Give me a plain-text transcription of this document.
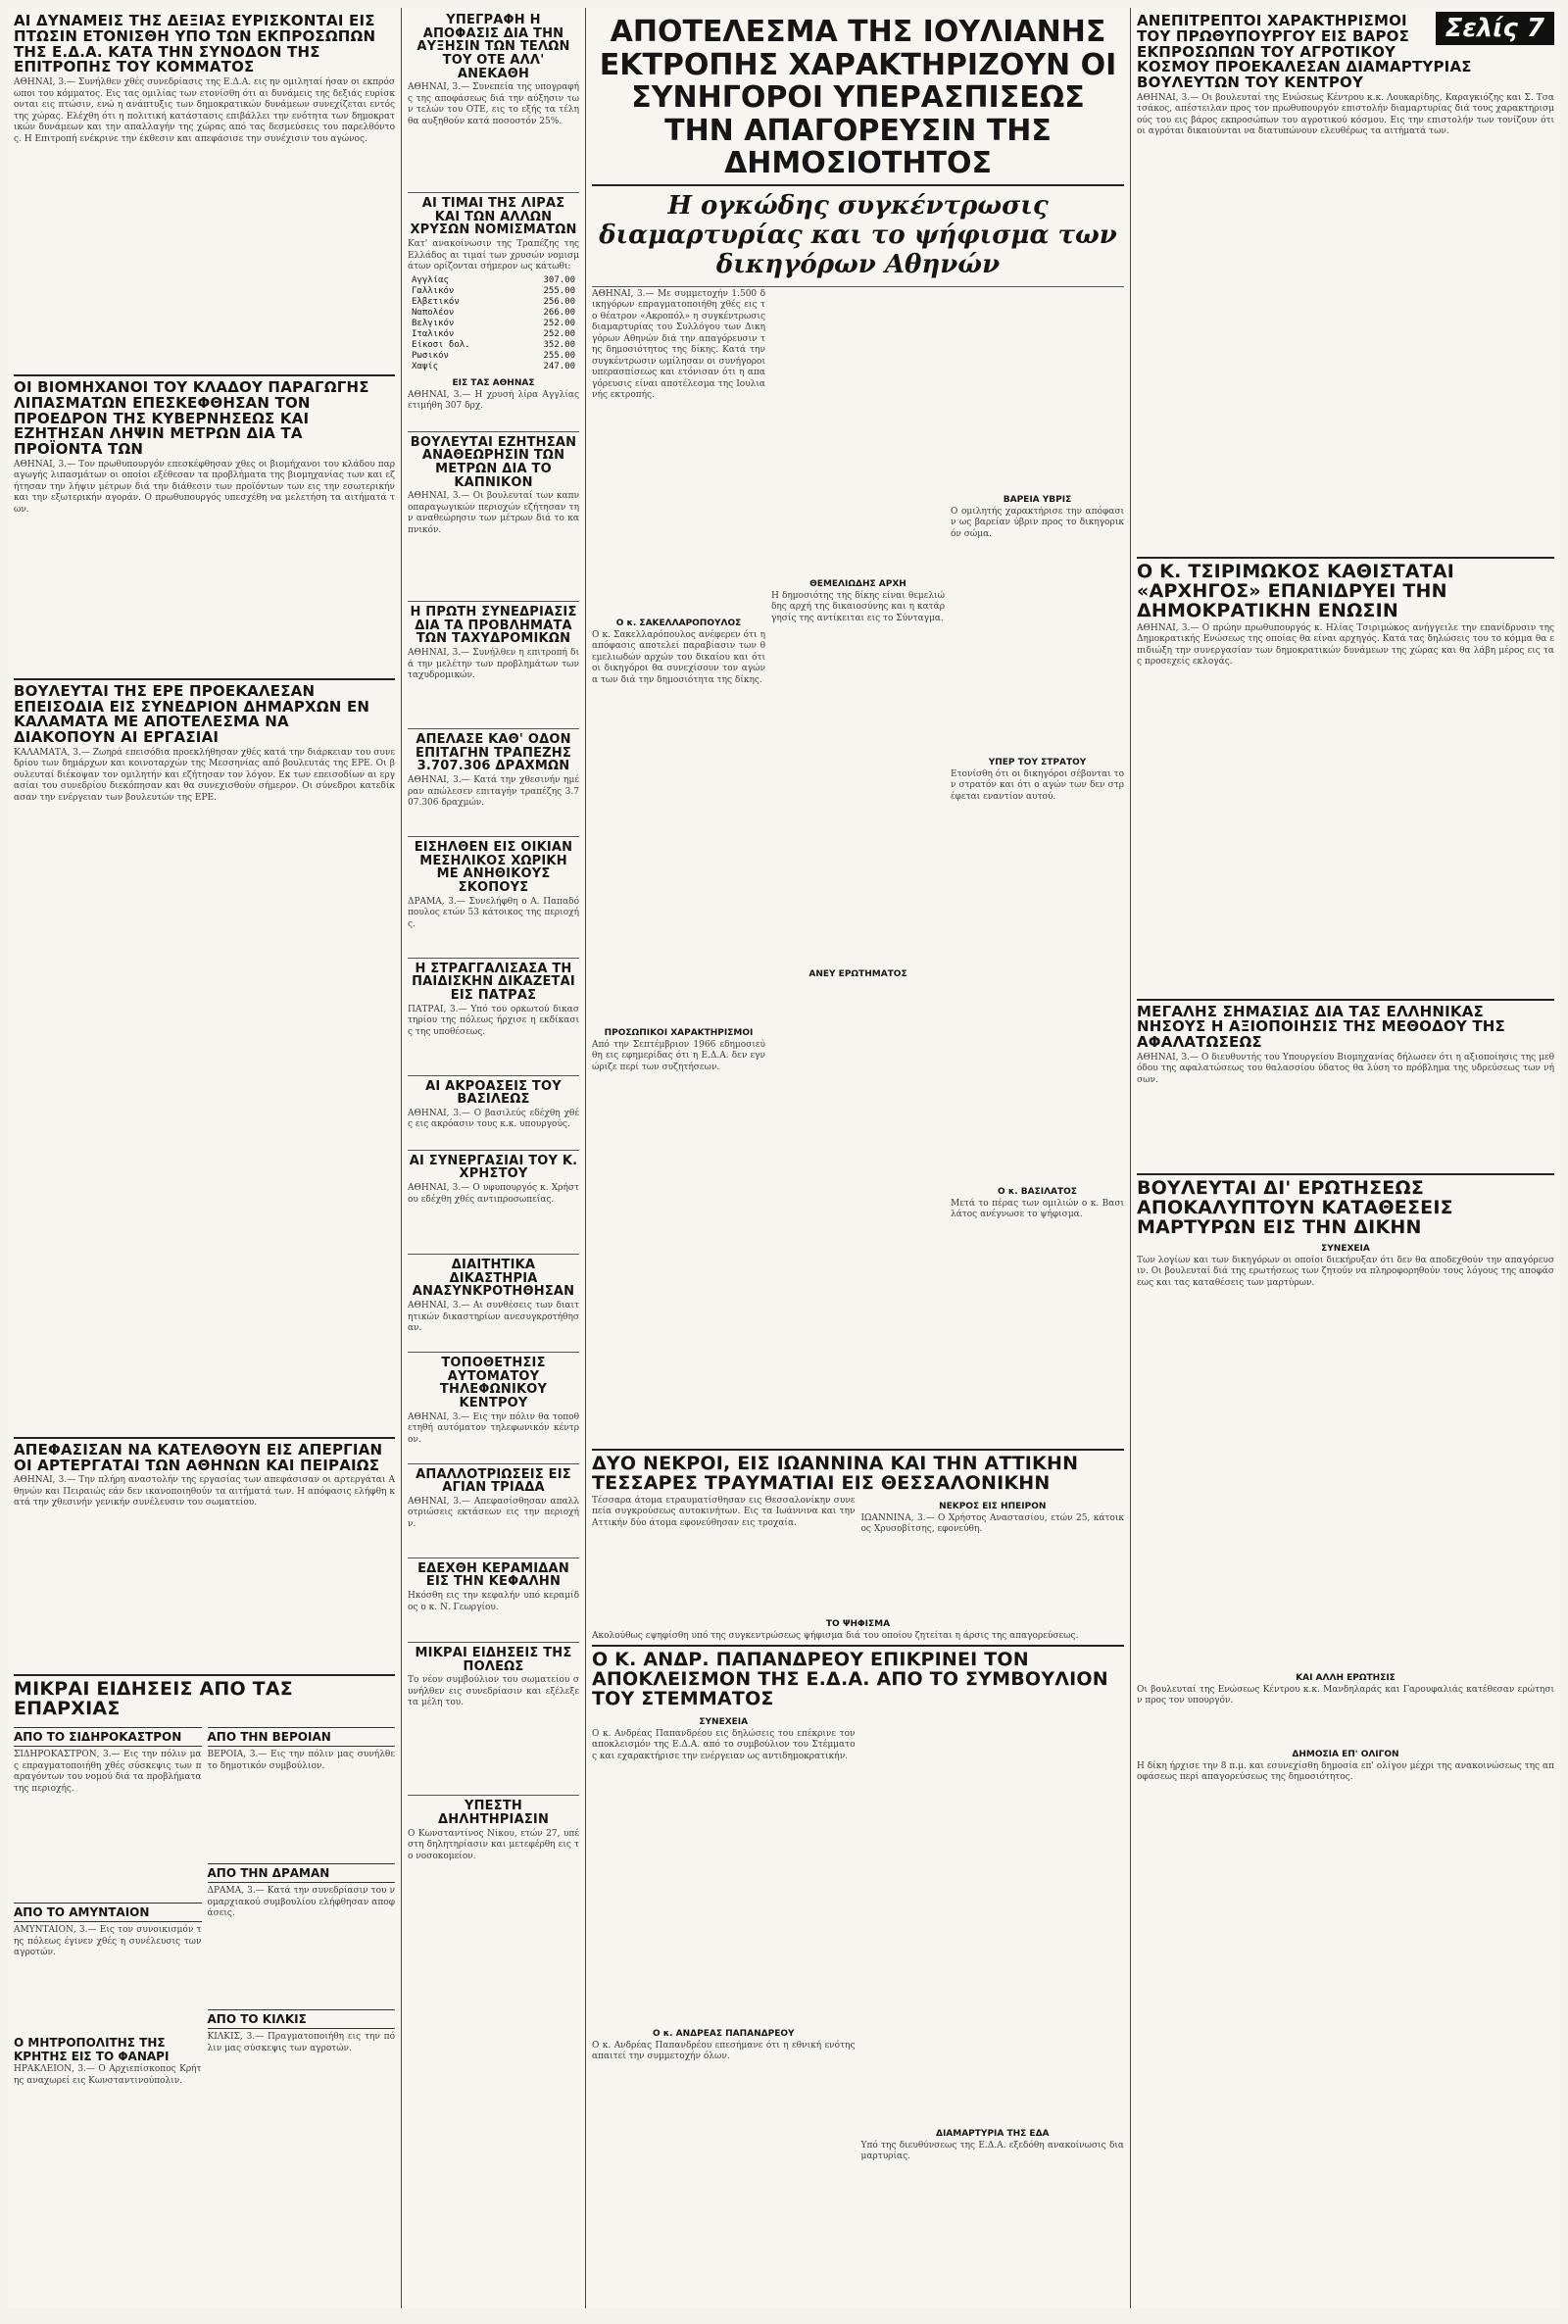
ΑΙ ΔΥΝΑΜΕΙΣ ΤΗΣ ΔΕΞΙΑΣ ΕΥΡΙΣΚΟΝΤΑΙ ΕΙΣ ΠΤΩΣΙΝ ΕΤΟΝΙΣΘΗ ΥΠΟ ΤΩΝ ΕΚΠΡΟΣΩΠΩΝ ΤΗΣ Ε.Δ.Α. ΚΑΤΑ ΤΗΝ ΣΥΝΟΔΟΝ ΤΗΣ ΕΠΙΤΡΟΠΗΣ ΤΟΥ ΚΟΜΜΑΤΟΣ
ΑΘΗΝΑΙ, 3.— Συνήλθεν χθές συνεδρίασις της Ε.Δ.Α. εις ην ομιληταί ήσαν οι εκπρόσωποι του κόμματος. Εις τας ομιλίας των ετονίσθη ότι αι δυνάμεις της δεξιάς ευρίσκονται εις πτώσιν, ενώ η ανάπτυξις των δημοκρατικών δυνάμεων συνεχίζεται εντός της χώρας. Ελέχθη ότι η πολιτική κατάστασις επιβάλλει την ενότητα των δημοκρατικών δυνάμεων και την απαλλαγήν της χώρας από τας δεσμεύσεις του παρελθόντος. Η Επιτροπή ενέκρινε την έκθεσιν και απεφάσισε την συνέχισιν του αγώνος.
ΟΙ ΒΙΟΜΗΧΑΝΟΙ ΤΟΥ ΚΛΑΔΟΥ ΠΑΡΑΓΩΓΗΣ ΛΙΠΑΣΜΑΤΩΝ ΕΠΕΣΚΕΦΘΗΣΑΝ ΤΟΝ ΠΡΟΕΔΡΟΝ ΤΗΣ ΚΥΒΕΡΝΗΣΕΩΣ ΚΑΙ ΕΖΗΤΗΣΑΝ ΛΗΨΙΝ ΜΕΤΡΩΝ ΔΙΑ ΤΑ ΠΡΟΪΟΝΤΑ ΤΩΝ
ΑΘΗΝΑΙ, 3.— Τον πρωθυπουργόν επεσκέφθησαν χθες οι βιομήχανοι του κλάδου παραγωγής λιπασμάτων οι οποίοι εξέθεσαν τα προβλήματα της βιομηχανίας των και εζήτησαν την λήψιν μέτρων διά την διάθεσιν των προϊόντων των εις την εσωτερικήν και την εξωτερικήν αγοράν. Ο πρωθυπουργός υπεσχέθη να μελετήση τα αιτήματά των.
ΒΟΥΛΕΥΤΑΙ ΤΗΣ ΕΡΕ ΠΡΟΕΚΑΛΕΣΑΝ ΕΠΕΙΣΟΔΙΑ ΕΙΣ ΣΥΝΕΔΡΙΟΝ ΔΗΜΑΡΧΩΝ ΕΝ ΚΑΛΑΜΑΤΑ ΜΕ ΑΠΟΤΕΛΕΣΜΑ ΝΑ ΔΙΑΚΟΠΟΥΝ ΑΙ ΕΡΓΑΣΙΑΙ
ΚΑΛΑΜΑΤΑ, 3.— Ζωηρά επεισόδια προεκλήθησαν χθές κατά την διάρκειαν του συνεδρίου των δημάρχων και κοινοταρχών της Μεσσηνίας από βουλευτάς της ΕΡΕ. Οι βουλευταί διέκοψαν τον ομιλητήν και εζήτησαν τον λόγον. Εκ των επεισοδίων αι εργασίαι του συνεδρίου διεκόπησαν και θα συνεχισθούν σήμερον. Οι σύνεδροι κατεδίκασαν την ενέργειαν των βουλευτών της ΕΡΕ.
ΑΠΕΦΑΣΙΣΑΝ ΝΑ ΚΑΤΕΛΘΟΥΝ ΕΙΣ ΑΠΕΡΓΙΑΝ ΟΙ ΑΡΤΕΡΓΑΤΑΙ ΤΩΝ ΑΘΗΝΩΝ ΚΑΙ ΠΕΙΡΑΙΩΣ
ΑΘΗΝΑΙ, 3.— Την πλήρη αναστολήν της εργασίας των απεφάσισαν οι αρτεργάται Αθηνών και Πειραιώς εάν δεν ικανοποιηθούν τα αιτήματά των. Η απόφασις ελήφθη κατά την χθεσινήν γενικήν συνέλευσιν του σωματείου.
ΜΙΚΡΑΙ ΕΙΔΗΣΕΙΣ ΑΠΟ ΤΑΣ ΕΠΑΡΧΙΑΣ
ΑΠΟ ΤΟ ΣΙΔΗΡΟΚΑΣΤΡΟΝ
ΣΙΔΗΡΟΚΑΣΤΡΟΝ, 3.— Εις την πόλιν μας επραγματοποιήθη χθές σύσκεψις των παραγόντων του νομού διά τα προβλήματα της περιοχής.
ΑΠΟ ΤΟ ΑΜΥΝΤΑΙΟΝ
ΑΜΥΝΤΑΙΟΝ, 3.— Εις τον συνοικισμόν της πόλεως έγινεν χθές η συνέλευσις των αγροτών.
Ο ΜΗΤΡΟΠΟΛΙΤΗΣ ΤΗΣ ΚΡΗΤΗΣ ΕΙΣ ΤΟ ΦΑΝΑΡΙ
ΗΡΑΚΛΕΙΟΝ, 3.— Ο Αρχιεπίσκοπος Κρήτης αναχωρεί εις Κωνσταντινούπολιν.
ΑΠΟ ΤΗΝ ΒΕΡΟΙΑΝ
ΒΕΡΟΙΑ, 3.— Εις την πόλιν μας συνήλθε το δημοτικόν συμβούλιον.
ΑΠΟ ΤΗΝ ΔΡΑΜΑΝ
ΔΡΑΜΑ, 3.— Κατά την συνεδρίασιν του νομαρχιακού συμβουλίου ελήφθησαν αποφάσεις.
ΑΠΟ ΤΟ ΚΙΛΚΙΣ
ΚΙΛΚΙΣ, 3.— Πραγματοποιήθη εις την πόλιν μας σύσκεψις των αγροτών.
ΥΠΕΓΡΑΦΗ Η ΑΠΟΦΑΣΙΣ ΔΙΑ ΤΗΝ ΑΥΞΗΣΙΝ ΤΩΝ ΤΕΛΩΝ ΤΟΥ ΟΤΕ ΑΛΛ' ΑΝΕΚΑΘΗ
ΑΘΗΝΑΙ, 3.— Συνεπεία της υπογραφής της αποφάσεως διά την αύξησιν των τελών του ΟΤΕ, εις το εξής τα τέλη θα αυξηθούν κατά ποσοστόν 25%.
ΑΙ ΤΙΜΑΙ ΤΗΣ ΛΙΡΑΣ ΚΑΙ ΤΩΝ ΑΛΛΩΝ ΧΡΥΣΩΝ ΝΟΜΙΣΜΑΤΩΝ
Κατ' ανακοίνωσιν της Τραπέζης της Ελλάδος αι τιμαί των χρυσών νομισμάτων ορίζονται σήμερον ως κάτωθι:
Αγγλίας	307.00
Γαλλικόν	255.00
Ελβετικόν	256.00
Ναπολέον	266.00
Βελγικόν	252.00
Ιταλικόν	252.00
Είκοσι δολ.	352.00
Ρωσικόν	255.00
Χαψίς	247.00
ΕΙΣ ΤΑΣ ΑΘΗΝΑΣ
ΑΘΗΝΑΙ, 3.— Η χρυσή λίρα Αγγλίας ετιμήθη 307 δρχ.
ΒΟΥΛΕΥΤΑΙ ΕΖΗΤΗΣΑΝ ΑΝΑΘΕΩΡΗΣΙΝ ΤΩΝ ΜΕΤΡΩΝ ΔΙΑ ΤΟ ΚΑΠΝΙΚΟΝ
ΑΘΗΝΑΙ, 3.— Οι βουλευταί των καπνοπαραγωγικών περιοχών εζήτησαν την αναθεώρησιν των μέτρων διά το καπνικόν.
Η ΠΡΩΤΗ ΣΥΝΕΔΡΙΑΣΙΣ ΔΙΑ ΤΑ ΠΡΟΒΛΗΜΑΤΑ ΤΩΝ ΤΑΧΥΔΡΟΜΙΚΩΝ
ΑΘΗΝΑΙ, 3.— Συνήλθεν η επιτροπή διά την μελέτην των προβλημάτων των ταχυδρομικών.
ΑΠΕΛΑΣΕ ΚΑΘ' ΟΔΟΝ ΕΠΙΤΑΓΗΝ ΤΡΑΠΕΖΗΣ 3.707.306 ΔΡΑΧΜΩΝ
ΑΘΗΝΑΙ, 3.— Κατά την χθεσινήν ημέραν απώλεσεν επιταγήν τραπέζης 3.707.306 δραχμών.
ΕΙΣΗΛΘΕΝ ΕΙΣ ΟΙΚΙΑΝ ΜΕΣΗΛΙΚΟΣ ΧΩΡΙΚΗ ΜΕ ΑΝΗΘΙΚΟΥΣ ΣΚΟΠΟΥΣ
ΔΡΑΜΑ, 3.— Συνελήφθη ο Α. Παπαδόπουλος ετών 53 κάτοικος της περιοχής.
Η ΣΤΡΑΓΓΑΛΙΣΑΣΑ ΤΗ ΠΑΙΔΙΣΚΗΝ ΔΙΚΑΖΕΤΑΙ ΕΙΣ ΠΑΤΡΑΣ
ΠΑΤΡΑΙ, 3.— Υπό του ορκωτού δικαστηρίου της πόλεως ήρχισε η εκδίκασις της υποθέσεως.
ΑΙ ΑΚΡΟΑΣΕΙΣ ΤΟΥ ΒΑΣΙΛΕΩΣ
ΑΘΗΝΑΙ, 3.— Ο βασιλεύς εδέχθη χθές εις ακρόασιν τους κ.κ. υπουργούς.
ΑΙ ΣΥΝΕΡΓΑΣΙΑΙ ΤΟΥ Κ. ΧΡΗΣΤΟΥ
ΑΘΗΝΑΙ, 3.— Ο υφυπουργός κ. Χρήστου εδέχθη χθές αντιπροσωπείας.
ΔΙΑΙΤΗΤΙΚΑ ΔΙΚΑΣΤΗΡΙΑ ΑΝΑΣΥΝΚΡΟΤΗΘΗΣΑΝ
ΑΘΗΝΑΙ, 3.— Αι συνθέσεις των διαιτητικών δικαστηρίων ανεσυγκροτήθησαν.
ΤΟΠΟΘΕΤΗΣΙΣ ΑΥΤΟΜΑΤΟΥ ΤΗΛΕΦΩΝΙΚΟΥ ΚΕΝΤΡΟΥ
ΑΘΗΝΑΙ, 3.— Εις την πόλιν θα τοποθετηθή αυτόματον τηλεφωνικόν κέντρον.
ΑΠΑΛΛΟΤΡΙΩΣΕΙΣ ΕΙΣ ΑΓΙΑΝ ΤΡΙΑΔΑ
ΑΘΗΝΑΙ, 3.— Απεφασίσθησαν απαλλοτριώσεις εκτάσεων εις την περιοχήν.
ΕΔΕΧΘΗ ΚΕΡΑΜΙΔΑΝ ΕΙΣ ΤΗΝ ΚΕΦΑΛΗΝ
Ηκόσθη εις την κεφαλήν υπό κεραμίδος ο κ. Ν. Γεωργίου.
ΜΙΚΡΑΙ ΕΙΔΗΣΕΙΣ ΤΗΣ ΠΟΛΕΩΣ
Το νέον συμβούλιον του σωματείου συνήλθεν εις συνεδρίασιν και εξέλεξε τα μέλη του.
ΥΠΕΣΤΗ ΔΗΛΗΤΗΡΙΑΣΙΝ
Ο Κωνσταντίνος Νίκου, ετών 27, υπέστη δηλητηρίασιν και μετεφέρθη εις το νοσοκομείον.
ΑΠΟΤΕΛΕΣΜΑ ΤΗΣ ΙΟΥΛΙΑΝΗΣ ΕΚΤΡΟΠΗΣ ΧΑΡΑΚΤΗΡΙΖΟΥΝ ΟΙ ΣΥΝΗΓΟΡΟΙ ΥΠΕΡΑΣΠΙΣΕΩΣ ΤΗΝ ΑΠΑΓΟΡΕΥΣΙΝ ΤΗΣ ΔΗΜΟΣΙΟΤΗΤΟΣ
Η ογκώδης συγκέντρωσις διαμαρτυρίας και το ψήφισμα των δικηγόρων Αθηνών
ΑΘΗΝΑΙ, 3.— Με συμμετοχήν 1.500 δικηγόρων επραγματοποιήθη χθές εις το θέατρον «Ακροπόλ» η συγκέντρωσις διαμαρτυρίας του Συλλόγου των Δικηγόρων Αθηνών διά την απαγόρευσιν της δημοσιότητος της δίκης. Κατά την συγκέντρωσιν ωμίλησαν οι συνήγοροι υπερασπίσεως και ετόνισαν ότι η απαγόρευσις είναι αποτέλεσμα της Ιουλιανής εκτροπής.
Ο κ. ΣΑΚΕΛΛΑΡΟΠΟΥΛΟΣ
Ο κ. Σακελλαρόπουλος ανέφερεν ότι η απόφασις αποτελεί παραβίασιν των θεμελιωδών αρχών του δικαίου και ότι οι δικηγόροι θα συνεχίσουν τον αγώνα των διά την δημοσιότητα της δίκης.
ΠΡΟΣΩΠΙΚΟΙ ΧΑΡΑΚΤΗΡΙΣΜΟΙ
Από την Σεπτέμβριον 1966 εδημοσιεύθη εις εφημερίδας ότι η Ε.Δ.Α. δεν εγνώριζε περί των συζητήσεων.
ΘΕΜΕΛΙΩΔΗΣ ΑΡΧΗ
Η δημοσιότης της δίκης είναι θεμελιώδης αρχή της δικαιοσύνης και η κατάργησίς της αντίκειται εις το Σύνταγμα.
ΑΝΕΥ ΕΡΩΤΗΜΑΤΟΣ
ΒΑΡΕΙΑ ΥΒΡΙΣ
Ο ομιλητής χαρακτήρισε την απόφασιν ως βαρείαν ύβριν προς το δικηγορικόν σώμα.
ΥΠΕΡ ΤΟΥ ΣΤΡΑΤΟΥ
Ετονίσθη ότι οι δικηγόροι σέβονται τον στρατόν και ότι ο αγών των δεν στρέφεται εναντίον αυτού.
Ο κ. ΒΑΣΙΛΑΤΟΣ
Μετά το πέρας των ομιλιών ο κ. Βασιλάτος ανέγνωσε το ψήφισμα.
ΔΥΟ ΝΕΚΡΟΙ, ΕΙΣ ΙΩΑΝΝΙΝΑ ΚΑΙ ΤΗΝ ΑΤΤΙΚΗΝ ΤΕΣΣΑΡΕΣ ΤΡΑΥΜΑΤΙΑΙ ΕΙΣ ΘΕΣΣΑΛΟΝΙΚΗΝ
Τέσσαρα άτομα ετραυματίσθησαν εις Θεσσαλονίκην συνεπεία συγκρούσεως αυτοκινήτων. Εις τα Ιωάννινα και την Αττικήν δύο άτομα εφονεύθησαν εις τροχαία.
ΝΕΚΡΟΣ ΕΙΣ ΗΠΕΙΡΟΝ
ΙΩΑΝΝΙΝΑ, 3.— Ο Χρήστος Αναστασίου, ετών 25, κάτοικος Χρυσοβίτσης, εφονεύθη.
ΤΟ ΨΗΦΙΣΜΑ
Ακολούθως εψηφίσθη υπό της συγκεντρώσεως ψήφισμα διά του οποίου ζητείται η άρσις της απαγορεύσεως.
Ο Κ. ΑΝΔΡ. ΠΑΠΑΝΔΡΕΟΥ ΕΠΙΚΡΙΝΕΙ ΤΟΝ ΑΠΟΚΛΕΙΣΜΟΝ ΤΗΣ Ε.Δ.Α. ΑΠΟ ΤΟ ΣΥΜΒΟΥΛΙΟΝ ΤΟΥ ΣΤΕΜΜΑΤΟΣ
ΣΥΝΕΧΕΙΑ
Ο κ. Ανδρέας Παπανδρέου εις δηλώσεις του επέκρινε τον αποκλεισμόν της Ε.Δ.Α. από το συμβούλιον του Στέμματος και εχαρακτήρισε την ενέργειαν ως αντιδημοκρατικήν.
Ο κ. ΑΝΔΡΕΑΣ ΠΑΠΑΝΔΡΕΟΥ
Ο κ. Ανδρέας Παπανδρέου επεσήμανε ότι η εθνική ενότης απαιτεί την συμμετοχήν όλων.
ΔΙΑΜΑΡΤΥΡΙΑ ΤΗΣ ΕΔΑ
Υπό της διευθύνσεως της Ε.Δ.Α. εξεδόθη ανακοίνωσις διαμαρτυρίας.
Σελίς 7
ΑΝΕΠΙΤΡΕΠΤΟΙ ΧΑΡΑΚΤΗΡΙΣΜΟΙ ΤΟΥ ΠΡΩΘΥΠΟΥΡΓΟΥ ΕΙΣ ΒΑΡΟΣ ΕΚΠΡΟΣΩΠΩΝ ΤΟΥ ΑΓΡΟΤΙΚΟΥ ΚΟΣΜΟΥ ΠΡΟΕΚΑΛΕΣΑΝ ΔΙΑΜΑΡΤΥΡΙΑΣ ΒΟΥΛΕΥΤΩΝ ΤΟΥ ΚΕΝΤΡΟΥ
ΑΘΗΝΑΙ, 3.— Οι βουλευταί της Ενώσεως Κέντρου κ.κ. Λουκαρίδης, Καραγκιόζης και Σ. Τσατσάκος, απέστειλαν προς τον πρωθυπουργόν επιστολήν διαμαρτυρίας διά τους χαρακτηρισμούς του εις βάρος εκπροσώπων του αγροτικού κόσμου. Εις την επιστολήν των τονίζουν ότι οι αγρόται δικαιούνται να διατυπώνουν ελευθέρως τα αιτήματά των.
Ο Κ. ΤΣΙΡΙΜΩΚΟΣ ΚΑΘΙΣΤΑΤΑΙ «ΑΡΧΗΓΟΣ» ΕΠΑΝΙΔΡΥΕΙ ΤΗΝ ΔΗΜΟΚΡΑΤΙΚΗΝ ΕΝΩΣΙΝ
ΑΘΗΝΑΙ, 3.— Ο πρώην πρωθυπουργός κ. Ηλίας Τσιριμώκος ανήγγειλε την επανίδρυσιν της Δημοκρατικής Ενώσεως της οποίας θα είναι αρχηγός. Κατά τας δηλώσεις του το κόμμα θα επιδιώξη την συνεργασίαν των δημοκρατικών δυνάμεων της χώρας και θα λάβη μέρος εις τας προσεχείς εκλογάς.
ΜΕΓΑΛΗΣ ΣΗΜΑΣΙΑΣ ΔΙΑ ΤΑΣ ΕΛΛΗΝΙΚΑΣ ΝΗΣΟΥΣ Η ΑΞΙΟΠΟΙΗΣΙΣ ΤΗΣ ΜΕΘΟΔΟΥ ΤΗΣ ΑΦΑΛΑΤΩΣΕΩΣ
ΑΘΗΝΑΙ, 3.— Ο διευθυντής του Υπουργείου Βιομηχανίας δήλωσεν ότι η αξιοποίησις της μεθόδου της αφαλατώσεως του θαλασσίου ύδατος θα λύση το πρόβλημα της υδρεύσεως των νήσων.
ΒΟΥΛΕΥΤΑΙ ΔΙ' ΕΡΩΤΗΣΕΩΣ ΑΠΟΚΑΛΥΠΤΟΥΝ ΚΑΤΑΘΕΣΕΙΣ ΜΑΡΤΥΡΩΝ ΕΙΣ ΤΗΝ ΔΙΚΗΝ
ΣΥΝΕΧΕΙΑ
Των λογίων και των δικηγόρων οι οποίοι διεκήρυξαν ότι δεν θα αποδεχθούν την απαγόρευσιν. Οι βουλευταί διά της ερωτήσεως των ζητούν να πληροφορηθούν τους λόγους της αποφάσεως και τας καταθέσεις των μαρτύρων.
ΚΑΙ ΑΛΛΗ ΕΡΩΤΗΣΙΣ
Οι βουλευταί της Ενώσεως Κέντρου κ.κ. Μανδηλαράς και Γαρουφαλιάς κατέθεσαν ερώτησιν προς τον υπουργόν.
ΔΗΜΟΣΙΑ ΕΠ' ΟΛΙΓΟΝ
Η δίκη ήρχισε την 8 π.μ. και εσυνεχίσθη δημοσία επ' ολίγον μέχρι της ανακοινώσεως της αποφάσεως περί απαγορεύσεως της δημοσιότητος.
